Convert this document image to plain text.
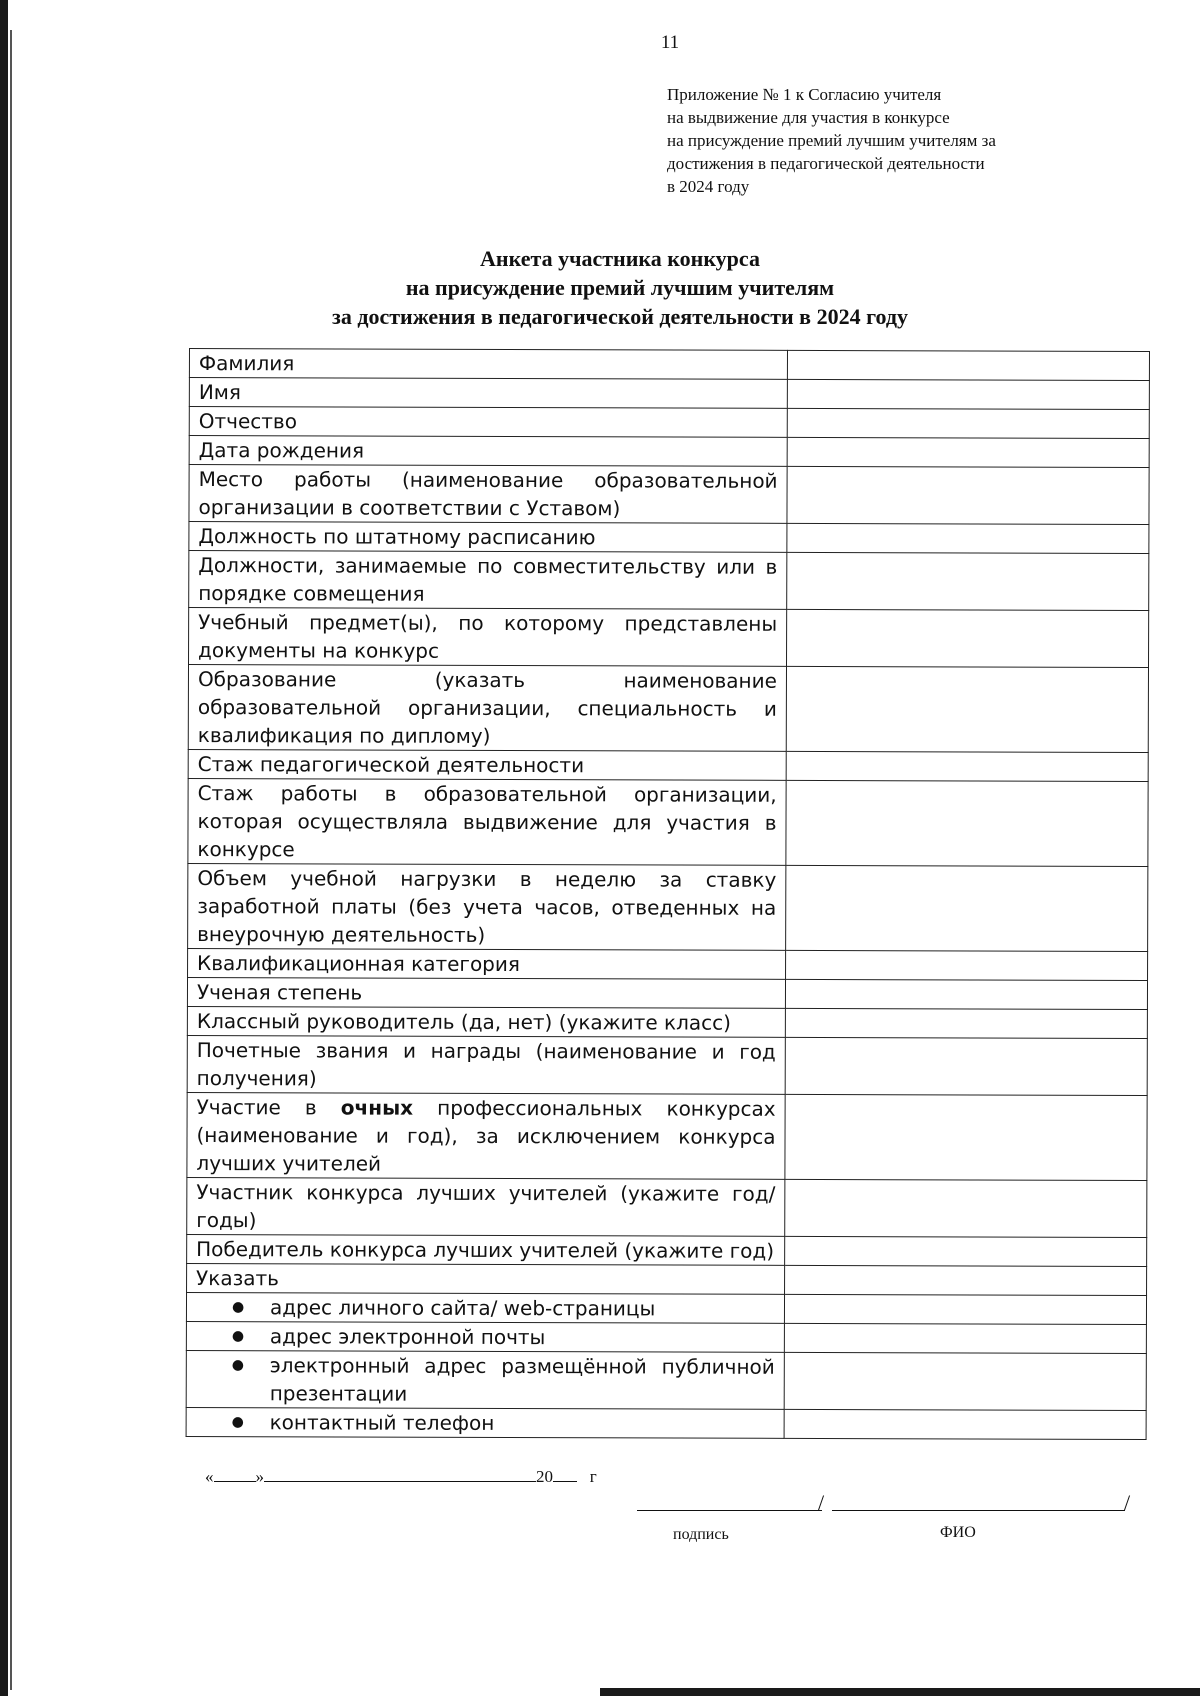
11
Приложение № 1 к Согласию учителя
на выдвижение для участия в конкурсе
на присуждение премий лучшим учителям за
достижения в педагогической деятельности
в 2024 году
Анкета участника конкурса
на присуждение премий лучшим учителям
за достижения в педагогической деятельности в 2024 году
Фамилия	
Имя	
Отчество	
Дата рождения	
Место работы (наименование образовательной организации в соответствии с Уставом)	
Должность по штатному расписанию	
Должности, занимаемые по совместительству или в порядке совмещения	
Учебный предмет(ы), по которому представлены документы на конкурс	
Образование (указать наименование образовательной организации, специальность и квалификация по диплому)	
Стаж педагогической деятельности	
Стаж работы в образовательной организации, которая осуществляла выдвижение для участия в конкурсе	
Объем учебной нагрузки в неделю за ставку заработной платы (без учета часов, отведенных на внеурочную деятельность)	
Квалификационная категория	
Ученая степень	
Классный руководитель (да, нет) (укажите класс)	
Почетные звания и награды (наименование и год получения)	
Участие в очных профессиональных конкурсах (наименование и год), за исключением конкурса лучших учителей	
Участник конкурса лучших учителей (укажите год/годы)	
Победитель конкурса лучших учителей (укажите год)	
Указать	

● адрес личного сайта/ web-страницы	

● адрес электронной почты	

● электронный адрес размещённой публичной презентации	

● контактный телефон	

« »	20 г
/	/
подпись	ФИО
